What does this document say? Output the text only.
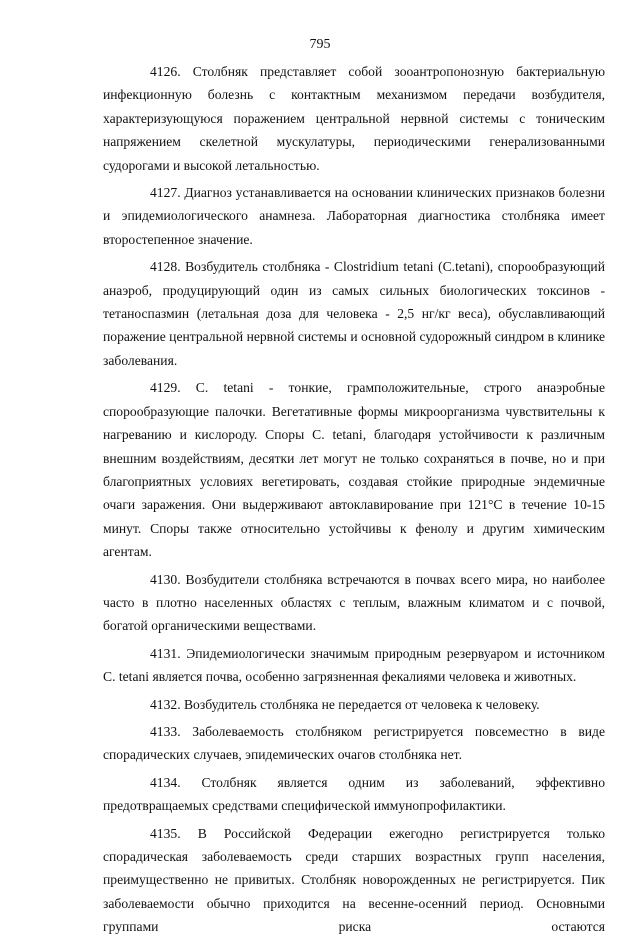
795

4126. Столбняк представляет собой зооантропонозную бактериальную инфекционную болезнь с контактным механизмом передачи возбудителя, характеризующуюся поражением центральной нервной системы с тоническим напряжением скелетной мускулатуры, периодическими генерализованными судорогами и высокой летальностью.

4127. Диагноз устанавливается на основании клинических признаков болезни и эпидемиологического анамнеза. Лабораторная диагностика столбняка имеет второстепенное значение.

4128. Возбудитель столбняка - Clostridium tetani (C.tetani), спорообразующий анаэроб, продуцирующий один из самых сильных биологических токсинов - тетаноспазмин (летальная доза для человека - 2,5 нг/кг веса), обуславливающий поражение центральной нервной системы и основной судорожный синдром в клинике заболевания.

4129. C. tetani - тонкие, грамположительные, строго анаэробные спорообразующие палочки. Вегетативные формы микроорганизма чувствительны к нагреванию и кислороду. Споры C. tetani, благодаря устойчивости к различным внешним воздействиям, десятки лет могут не только сохраняться в почве, но и при благоприятных условиях вегетировать, создавая стойкие природные эндемичные очаги заражения. Они выдерживают автоклавирование при 121°С в течение 10-15 минут. Споры также относительно устойчивы к фенолу и другим химическим агентам.

4130. Возбудители столбняка встречаются в почвах всего мира, но наиболее часто в плотно населенных областях с теплым, влажным климатом и с почвой, богатой органическими веществами.

4131. Эпидемиологически значимым природным резервуаром и источником C. tetani является почва, особенно загрязненная фекалиями человека и животных.

4132. Возбудитель столбняка не передается от человека к человеку.

4133. Заболеваемость столбняком регистрируется повсеместно в виде спорадических случаев, эпидемических очагов столбняка нет.

4134. Столбняк является одним из заболеваний, эффективно предотвращаемых средствами специфической иммунопрофилактики.

4135. В Российской Федерации ежегодно регистрируется только спорадическая заболеваемость среди старших возрастных групп населения, преимущественно не привитых. Столбняк новорожденных не регистрируется. Пик заболеваемости обычно приходится на весенне-осенний период. Основными группами риска остаются
